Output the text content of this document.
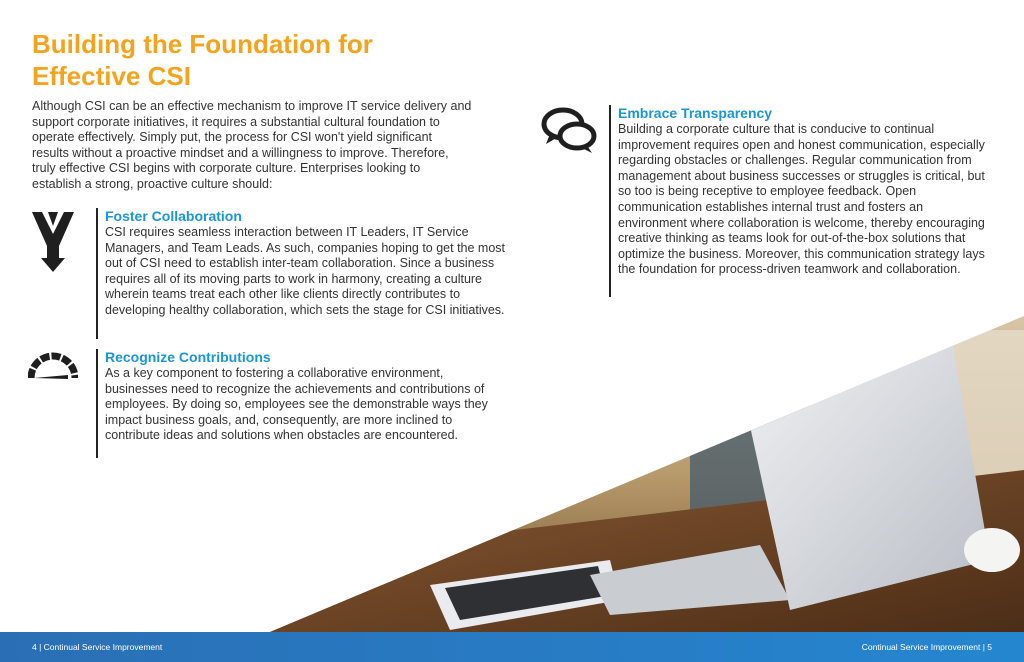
Building the Foundation for
Effective CSI

Although CSI can be an effective mechanism to improve IT service delivery and support corporate initiatives, it requires a substantial cultural foundation to operate effectively. Simply put, the process for CSI won't yield significant results without a proactive mindset and a willingness to improve. Therefore, truly effective CSI begins with corporate culture. Enterprises looking to establish a strong, proactive culture should:

Foster Collaboration

CSI requires seamless interaction between IT Leaders, IT Service Managers, and Team Leads. As such, companies hoping to get the most out of CSI need to establish inter-team collaboration. Since a business requires all of its moving parts to work in harmony, creating a culture wherein teams treat each other like clients directly contributes to developing healthy collaboration, which sets the stage for CSI initiatives.

Recognize Contributions

As a key component to fostering a collaborative environment, businesses need to recognize the achievements and contributions of employees. By doing so, employees see the demonstrable ways they impact business goals, and, consequently, are more inclined to contribute ideas and solutions when obstacles are encountered.

Embrace Transparency

Building a corporate culture that is conducive to continual improvement requires open and honest communication, especially regarding obstacles or challenges. Regular communication from management about business successes or struggles is critical, but so too is being receptive to employee feedback. Open communication establishes internal trust and fosters an environment where collaboration is welcome, thereby encouraging creative thinking as teams look for out-of-the-box solutions that optimize the business. Moreover, this communication strategy lays the foundation for process-driven teamwork and collaboration.

4 | Continual Service Improvement	Continual Service Improvement | 5
